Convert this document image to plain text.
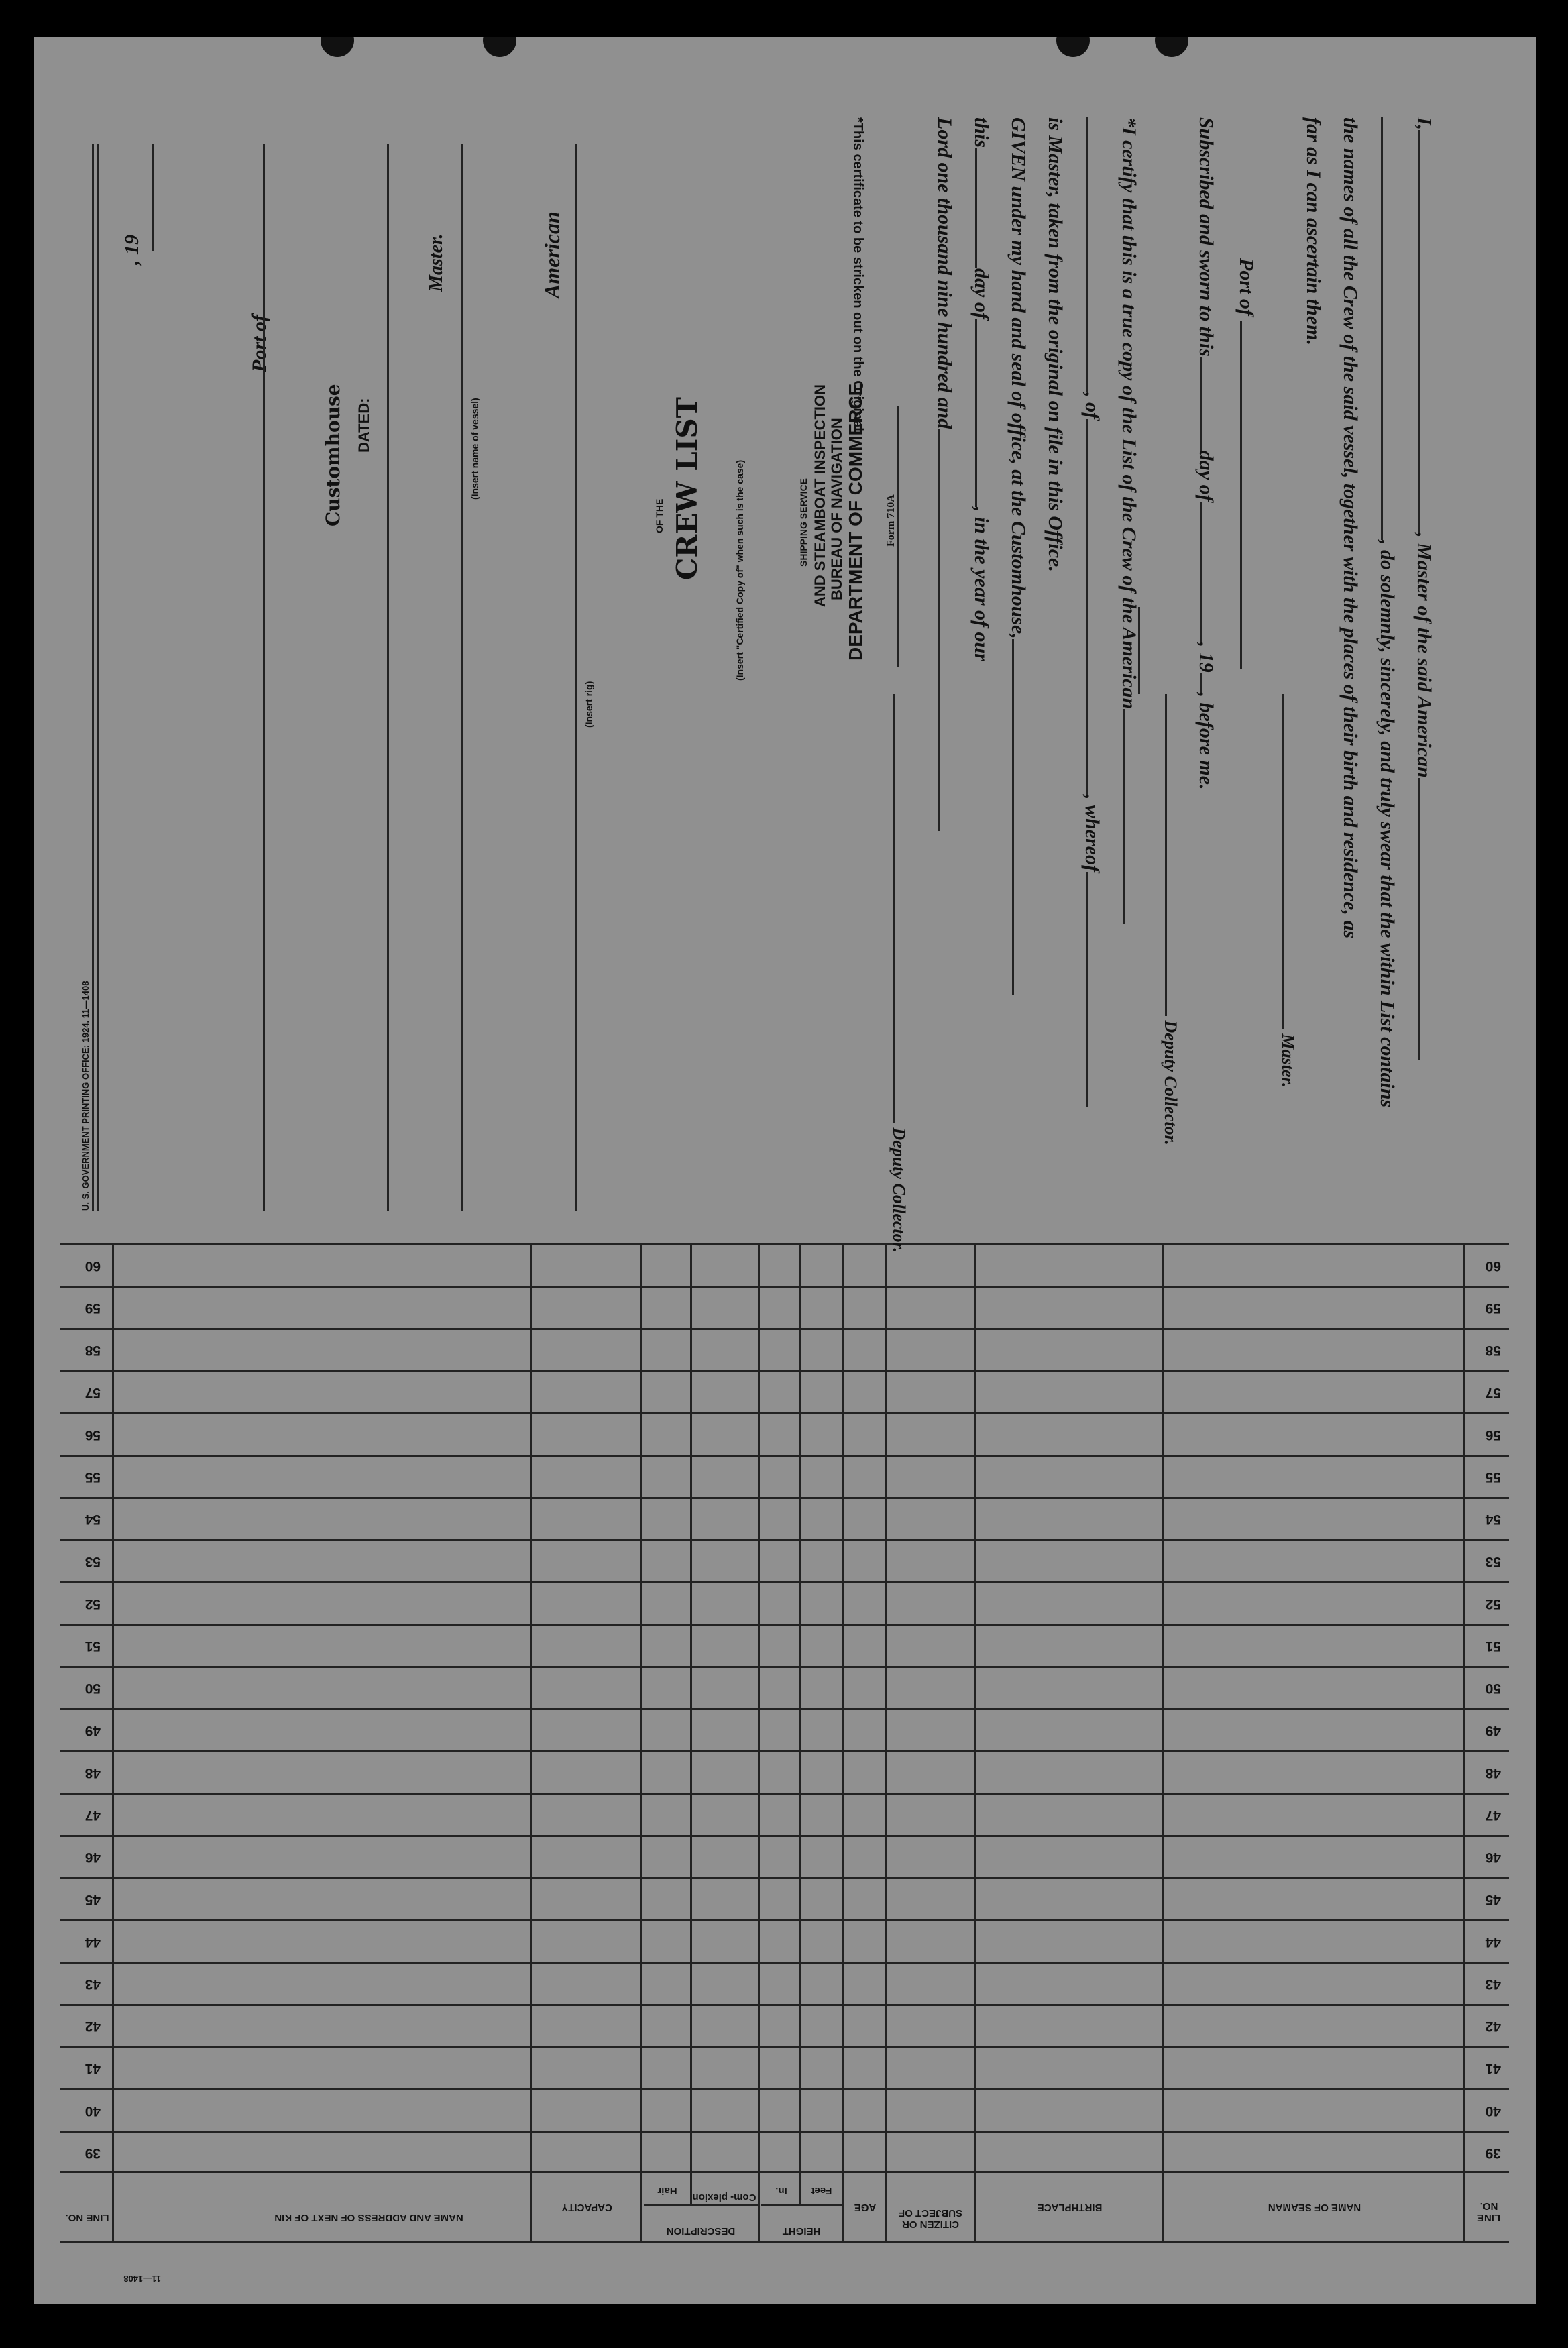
11—1408
LINE NO.
NAME OF SEAMAN
BIRTHPLACE
CITIZEN OR SUBJECT OF
AGE
HEIGHT
Feet
In.
DESCRIPTION
Com- plexion
Hair
CAPACITY
NAME AND ADDRESS OF NEXT OF KIN
LINE NO.
39
39
40
40
41
41
42
42
43
43
44
44
45
45
46
46
47
47
48
48
49
49
50
50
51
51
52
52
53
53
54
54
55
55
56
56
57
57
58
58
59
59
60
60
I,, Master of the said American
, do solemnly, sincerely, and truly swear that the within List contains
the names of all the Crew of the said vessel, together with the places of their birth and residence, as
far as I can ascertain them.
Master.
Port of
Subscribed and sworn to thisday of, 19, before me.
Deputy Collector.
*I certify that this is a true copy of the List of the Crew of the American
, of, whereof
is Master, taken from the original on file in this Office.
GIVEN under my hand and seal of office, at the Customhouse,
thisday of, in the year of our
Lord one thousand nine hundred and
Deputy Collector.
*This certificate to be stricken out on the Original.
U. S. GOVERNMENT PRINTING OFFICE: 1924. 11—1408
, 19
Port of
Customhouse DATED:
Master.
(Insert name of vessel)
American
(Insert rig)
OF THE CREW LIST	(Insert "Certified Copy of" when such is the case)	SHIPPING SERVICE AND STEAMBOAT INSPECTION BUREAU OF NAVIGATION DEPARTMENT OF COMMERCE Form 710A
